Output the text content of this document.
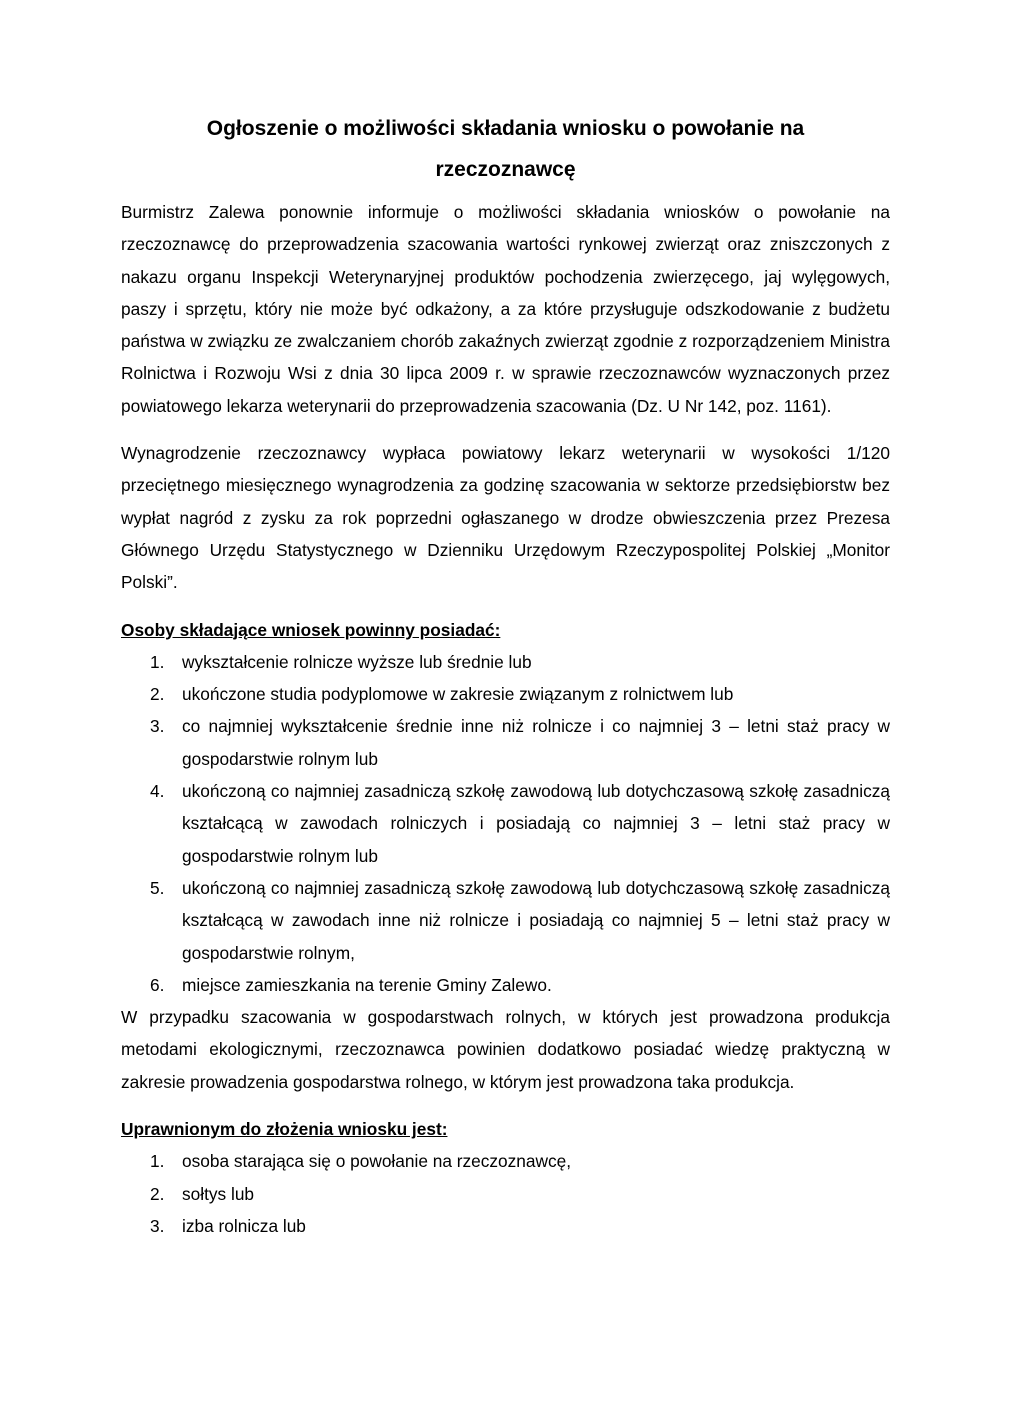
Ogłoszenie o możliwości składania wniosku o powołanie na
rzeczoznawcę

Burmistrz Zalewa ponownie informuje o możliwości składania wniosków o powołanie na rzeczoznawcę do przeprowadzenia szacowania wartości rynkowej zwierząt oraz zniszczonych z nakazu organu Inspekcji Weterynaryjnej produktów pochodzenia zwierzęcego, jaj wylęgowych, paszy i sprzętu, który nie może być odkażony, a za które przysługuje odszkodowanie z budżetu państwa w związku ze zwalczaniem chorób zakaźnych zwierząt zgodnie z rozporządzeniem Ministra Rolnictwa i Rozwoju Wsi z dnia 30 lipca 2009 r. w sprawie rzeczoznawców wyznaczonych przez powiatowego lekarza weterynarii do przeprowadzenia szacowania (Dz. U Nr 142, poz. 1161).

Wynagrodzenie rzeczoznawcy wypłaca powiatowy lekarz weterynarii w wysokości 1/120 przeciętnego miesięcznego wynagrodzenia za godzinę szacowania w sektorze przedsiębiorstw bez wypłat nagród z zysku za rok poprzedni ogłaszanego w drodze obwieszczenia przez Prezesa Głównego Urzędu Statystycznego w Dzienniku Urzędowym Rzeczypospolitej Polskiej „Monitor Polski”.

Osoby składające wniosek powinny posiadać:
1. wykształcenie rolnicze wyższe lub średnie lub
2. ukończone studia podyplomowe w zakresie związanym z rolnictwem lub
3. co najmniej wykształcenie średnie inne niż rolnicze i co najmniej 3 – letni staż pracy w gospodarstwie rolnym lub
4. ukończoną co najmniej zasadniczą szkołę zawodową lub dotychczasową szkołę zasadniczą kształcącą w zawodach rolniczych i posiadają co najmniej 3 – letni staż pracy w gospodarstwie rolnym lub
5. ukończoną co najmniej zasadniczą szkołę zawodową lub dotychczasową szkołę zasadniczą kształcącą w zawodach inne niż rolnicze i posiadają co najmniej 5 – letni staż pracy w gospodarstwie rolnym,
6. miejsce zamieszkania na terenie Gminy Zalewo.

W przypadku szacowania w gospodarstwach rolnych, w których jest prowadzona produkcja metodami ekologicznymi, rzeczoznawca powinien dodatkowo posiadać wiedzę praktyczną w zakresie prowadzenia gospodarstwa rolnego, w którym jest prowadzona taka produkcja.

Uprawnionym do złożenia wniosku jest:
1. osoba starająca się o powołanie na rzeczoznawcę,
2. sołtys lub
3. izba rolnicza lub
